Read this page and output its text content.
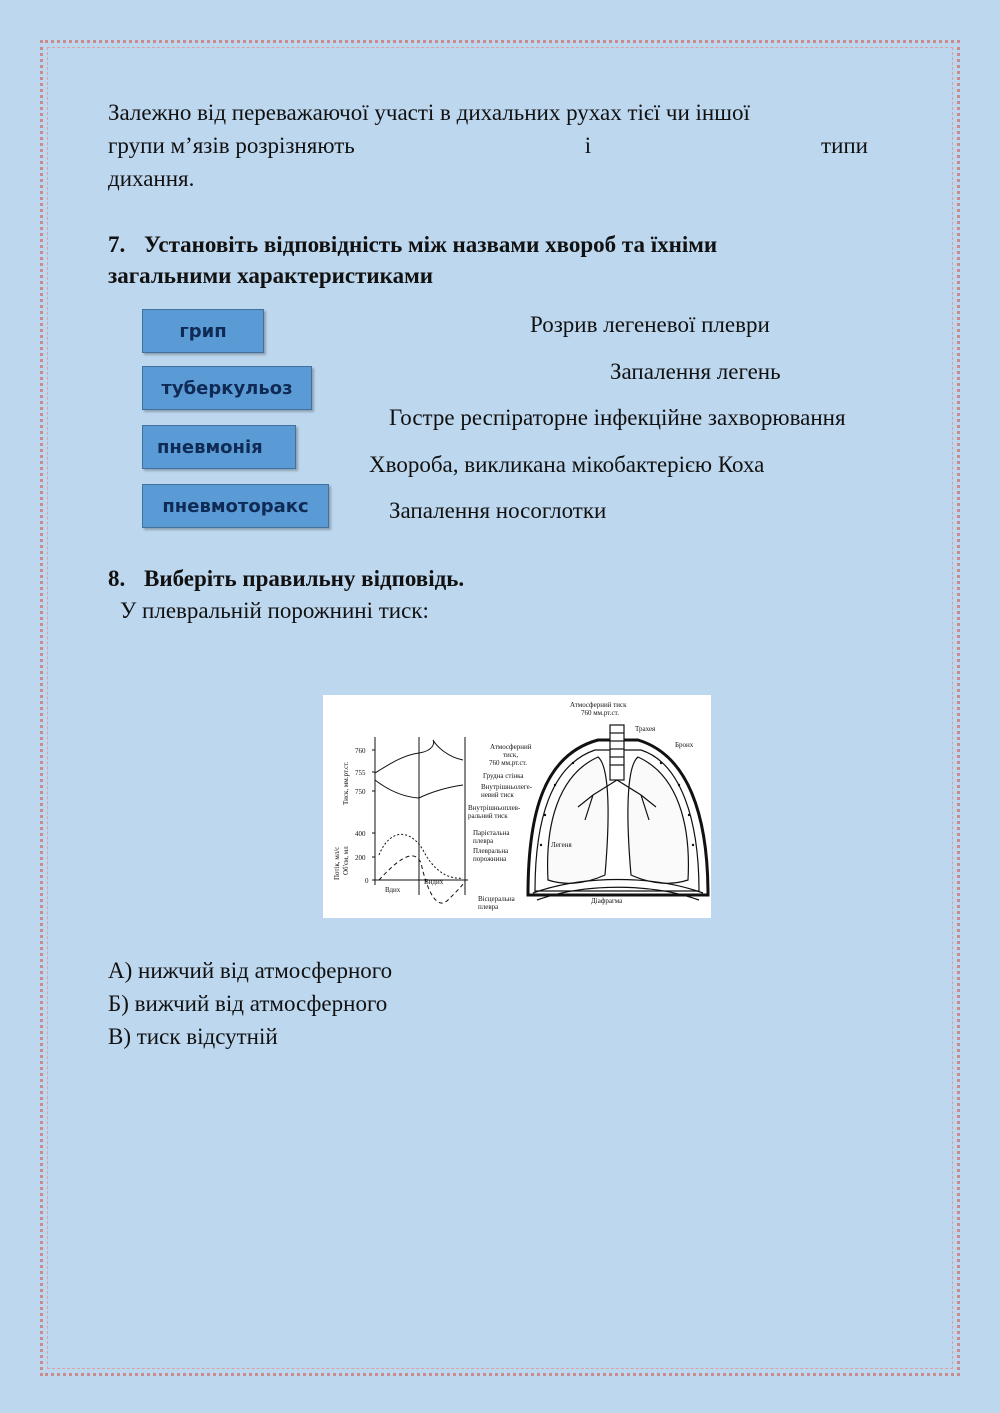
Залежно від переважаючої участі в дихальних рухах тієї чи іншої

групи м’язів розрізняють	і	типи
дихання.

7. Установіть відповідність між назвами хвороб та їхніми
загальними характеристиками
грип
туберкульоз
пневмонія
пневмоторакс
Розрив легеневої плеври
Запалення легень
Гостре респіраторне інфекційне захворювання
Хвороба, викликана мікобактерією Коха
Запалення носоглотки
8. Виберіть правильну відповідь.
У плевральній порожнині тиск:
760
755
750
400
200
0
Тиск, мм.рт.ст.
Потік, мл/с Об'єм, мл
Вдих
Видих
Атмосферний тиск
760 мм.рт.ст.
Трахея
Бронх
Атмосферний
тиск,
760 мм.рт.ст.
Грудна стінка
Внутрішньолеге-
невий тиск
Внутрішньоплев-
ральний тиск
Парієтальна
плевра
Плевральна
порожнина
Легеня
Вісцеральна
плевра
Діафрагма
А) нижчий від атмосферного
Б) вижчий від атмосферного
В) тиск відсутній
